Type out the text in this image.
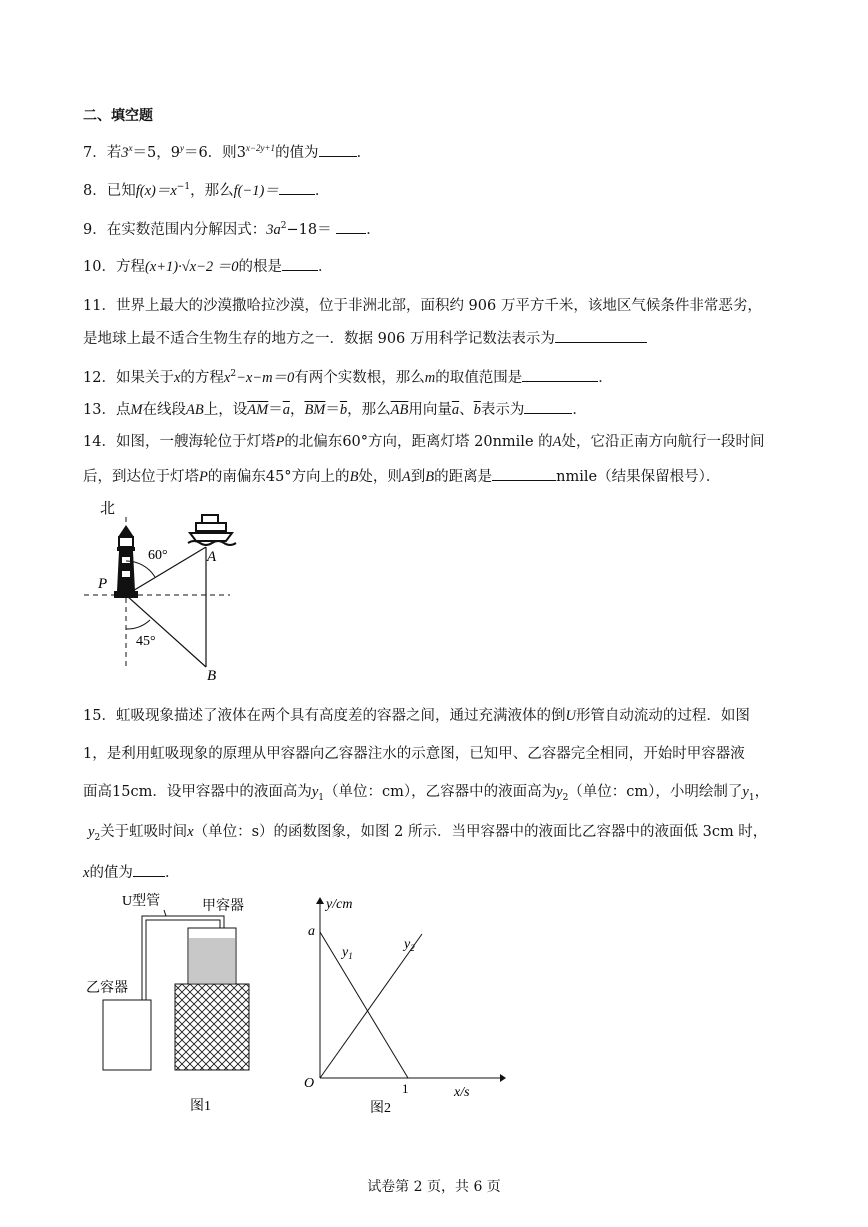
二、填空题
7．若$3^x=5$，$9^y=6$．则$3^{x-2y+1}$的值为	．
8．已知$f(x)=x^{-1}$，那么f(−1)＝ ．
9．在实数范围内分解因式：$3a^2-18=$ ．
10．方程(x+1)·√x−2 ＝0的根是 ．
11．世界上最大的沙漠撒哈拉沙漠，位于非洲北部，面积约 906 万平方千米，该地区气候条件非常恶劣，
是地球上最不适合生物生存的地方之一．数据 906 万用科学记数法表示为
12．如果关于x的方程$x^2-x-m=0$有两个实数根，那么m的取值范围是	．
13．点M在线段AB上，设$\overline{AM}=\overline{a}$，$\overline{BM}=\overline{b}$，那么$\overline{AB}$用向量$\overline{a}$、$\overline{b}$表示为	．
14．如图，一艘海轮位于灯塔P的北偏东60°方向，距离灯塔 20nmile 的A处，它沿正南方向航行一段时间
后，到达位于灯塔P的南偏东45°方向上的B处，则A到B的距离是	nmile（结果保留根号）．
北
60°
45°
P
A
B
15．虹吸现象描述了液体在两个具有高度差的容器之间，通过充满液体的倒U形管自动流动的过程．如图
1，是利用虹吸现象的原理从甲容器向乙容器注水的示意图，已知甲、乙容器完全相同，开始时甲容器液
面高15cm．设甲容器中的液面高为$y_1$（单位：cm），乙容器中的液面高为$y_2$（单位：cm），小明绘制了$y_1$，
$y_2$关于虹吸时间x（单位：s）的函数图象，如图 2 所示．当甲容器中的液面比乙容器中的液面低 3cm 时，
x的值为 ．
U型管	甲容器
乙容器
图1
y/cm
x/s
O
a
1
$y_1$
$y_2$
图2
试卷第 2 页，共 6 页
